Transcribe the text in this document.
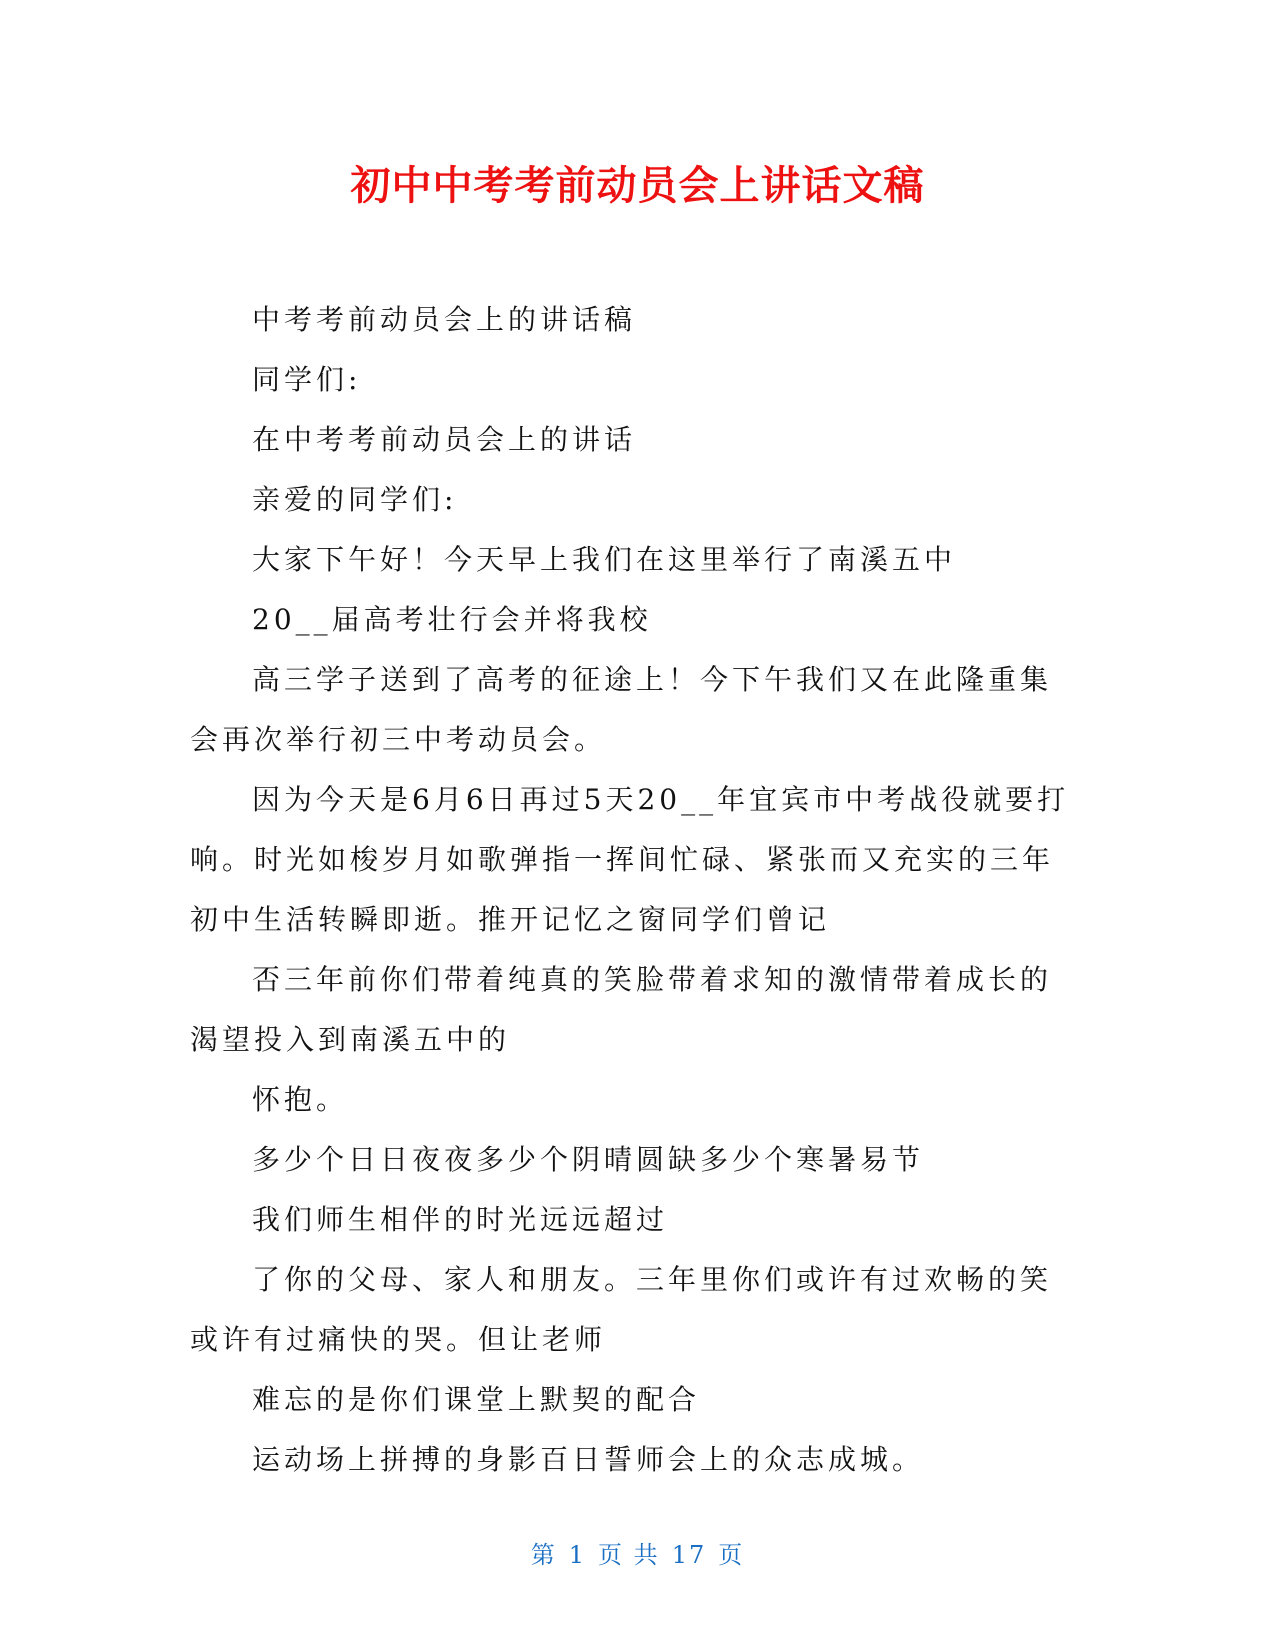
初中中考考前动员会上讲话文稿

中考考前动员会上的讲话稿

同学们:

在中考考前动员会上的讲话

亲爱的同学们:

大家下午好！今天早上我们在这里举行了南溪五中

20__届高考壮行会并将我校

高三学子送到了高考的征途上！今下午我们又在此隆重集会再次举行初三中考动员会。

因为今天是6月6日再过5天20__年宜宾市中考战役就要打响。时光如梭岁月如歌弹指一挥间忙碌、紧张而又充实的三年初中生活转瞬即逝。推开记忆之窗同学们曾记

否三年前你们带着纯真的笑脸带着求知的激情带着成长的渴望投入到南溪五中的

怀抱。

多少个日日夜夜多少个阴晴圆缺多少个寒暑易节

我们师生相伴的时光远远超过

了你的父母、家人和朋友。三年里你们或许有过欢畅的笑或许有过痛快的哭。但让老师

难忘的是你们课堂上默契的配合

运动场上拼搏的身影百日誓师会上的众志成城。

第 1 页 共 17 页
